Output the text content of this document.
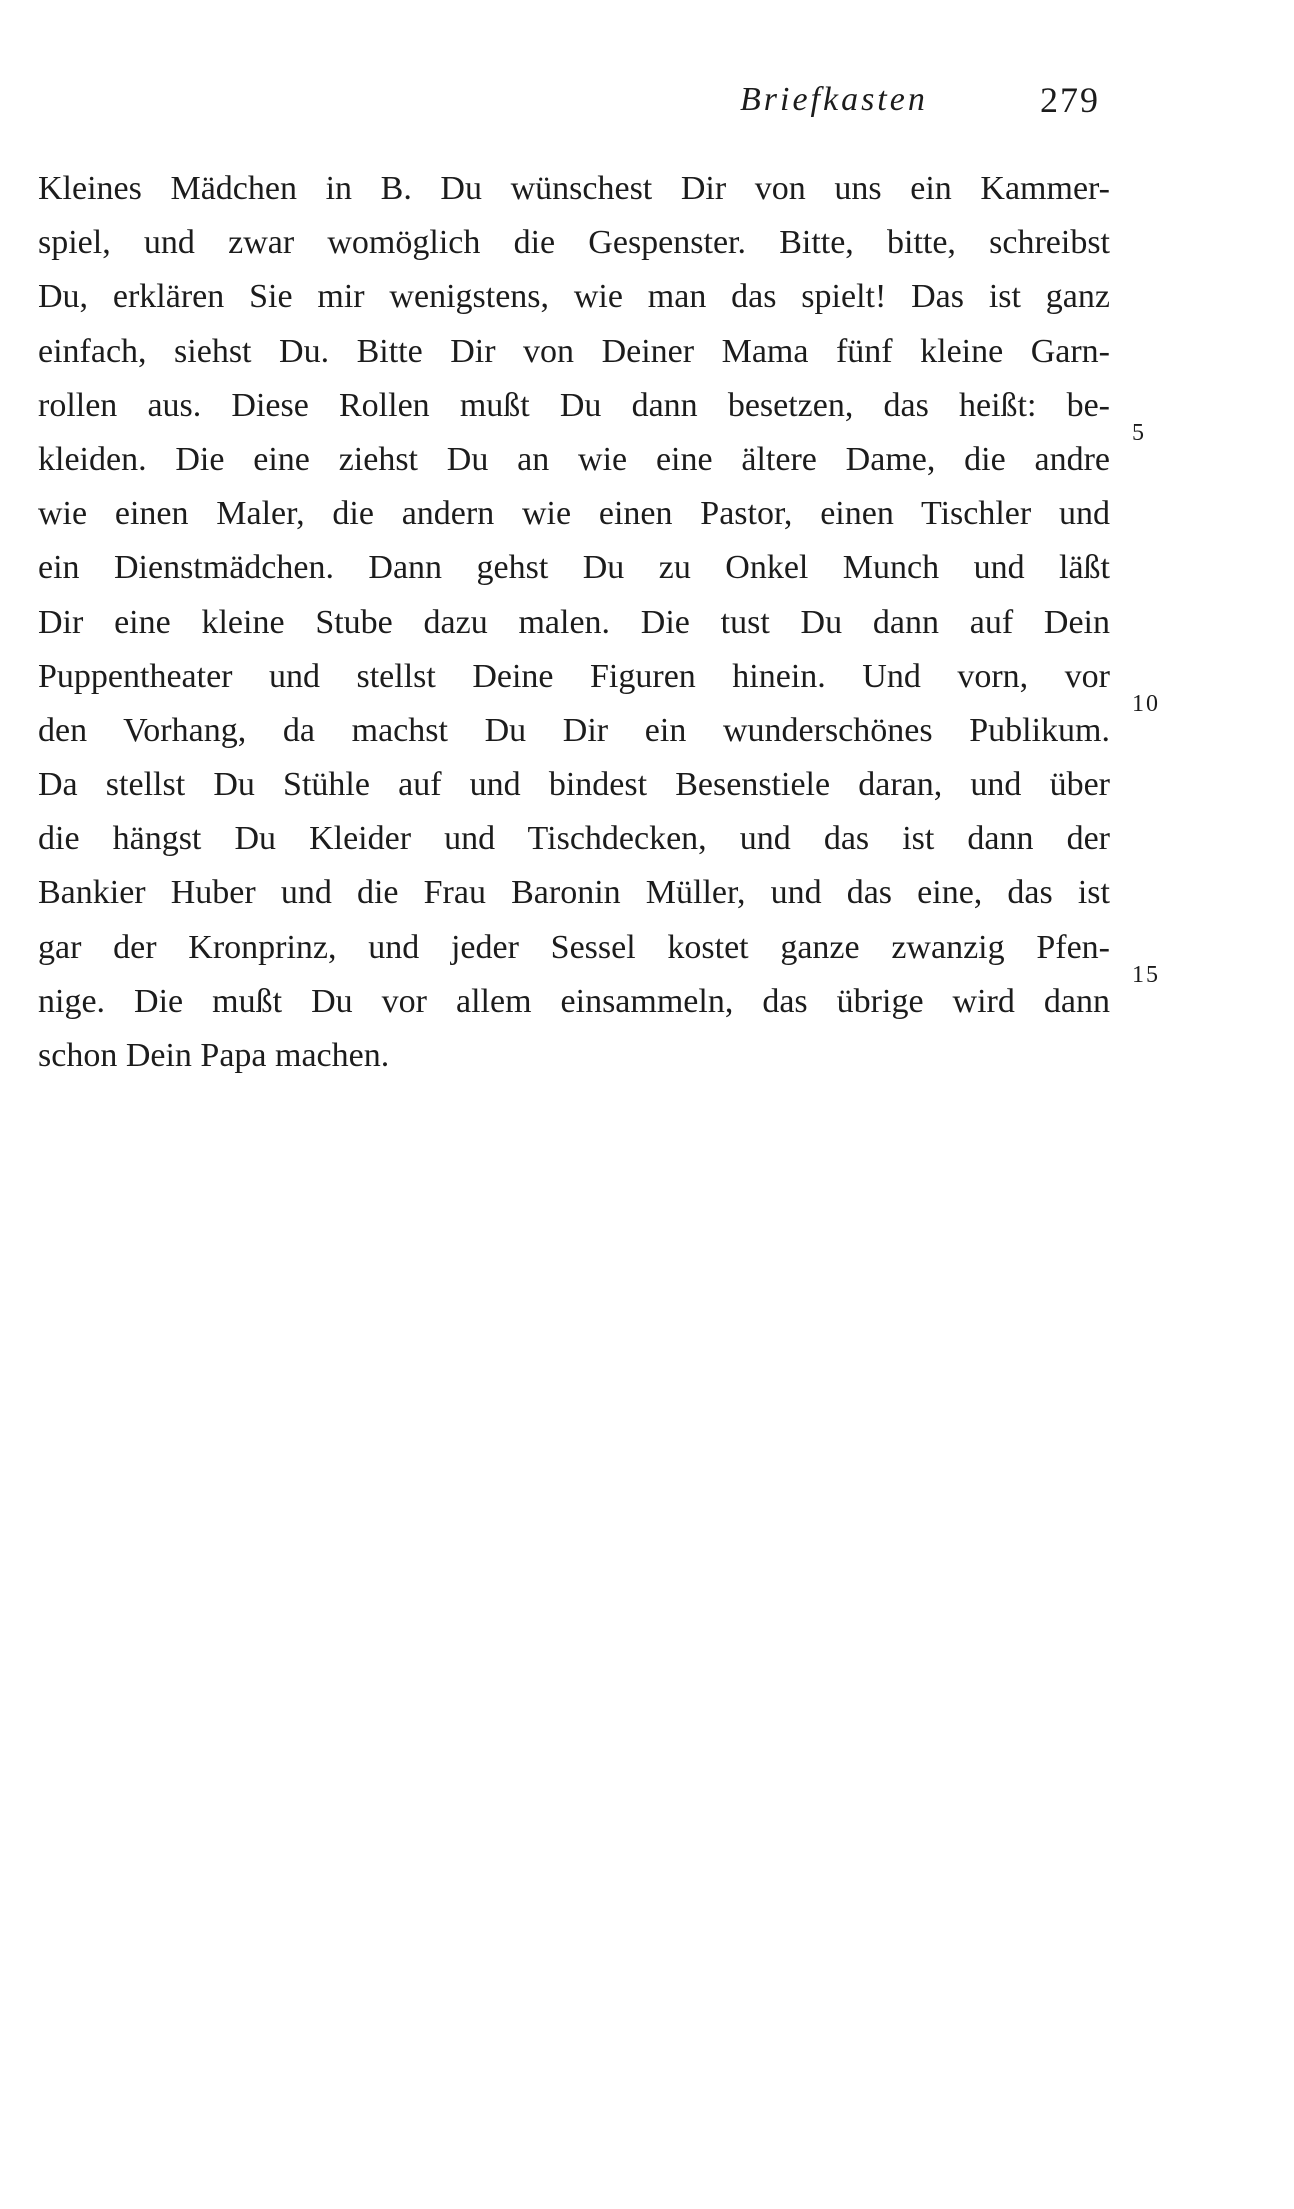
Briefkasten	279
Kleines Mädchen in B. Du wünschest Dir von uns ein Kammer-
spiel, und zwar womöglich die Gespenster. Bitte, bitte, schreibst
Du, erklären Sie mir wenigstens, wie man das spielt! Das ist ganz
einfach, siehst Du. Bitte Dir von Deiner Mama fünf kleine Garn-
rollen aus. Diese Rollen mußt Du dann besetzen, das heißt: be-
kleiden. Die eine ziehst Du an wie eine ältere Dame, die andre
wie einen Maler, die andern wie einen Pastor, einen Tischler und
ein Dienstmädchen. Dann gehst Du zu Onkel Munch und läßt
Dir eine kleine Stube dazu malen. Die tust Du dann auf Dein
Puppentheater und stellst Deine Figuren hinein. Und vorn, vor
den Vorhang, da machst Du Dir ein wunderschönes Publikum.
Da stellst Du Stühle auf und bindest Besenstiele daran, und über
die hängst Du Kleider und Tischdecken, und das ist dann der
Bankier Huber und die Frau Baronin Müller, und das eine, das ist
gar der Kronprinz, und jeder Sessel kostet ganze zwanzig Pfen-
nige. Die mußt Du vor allem einsammeln, das übrige wird dann
schon Dein Papa machen.
5
10
15
